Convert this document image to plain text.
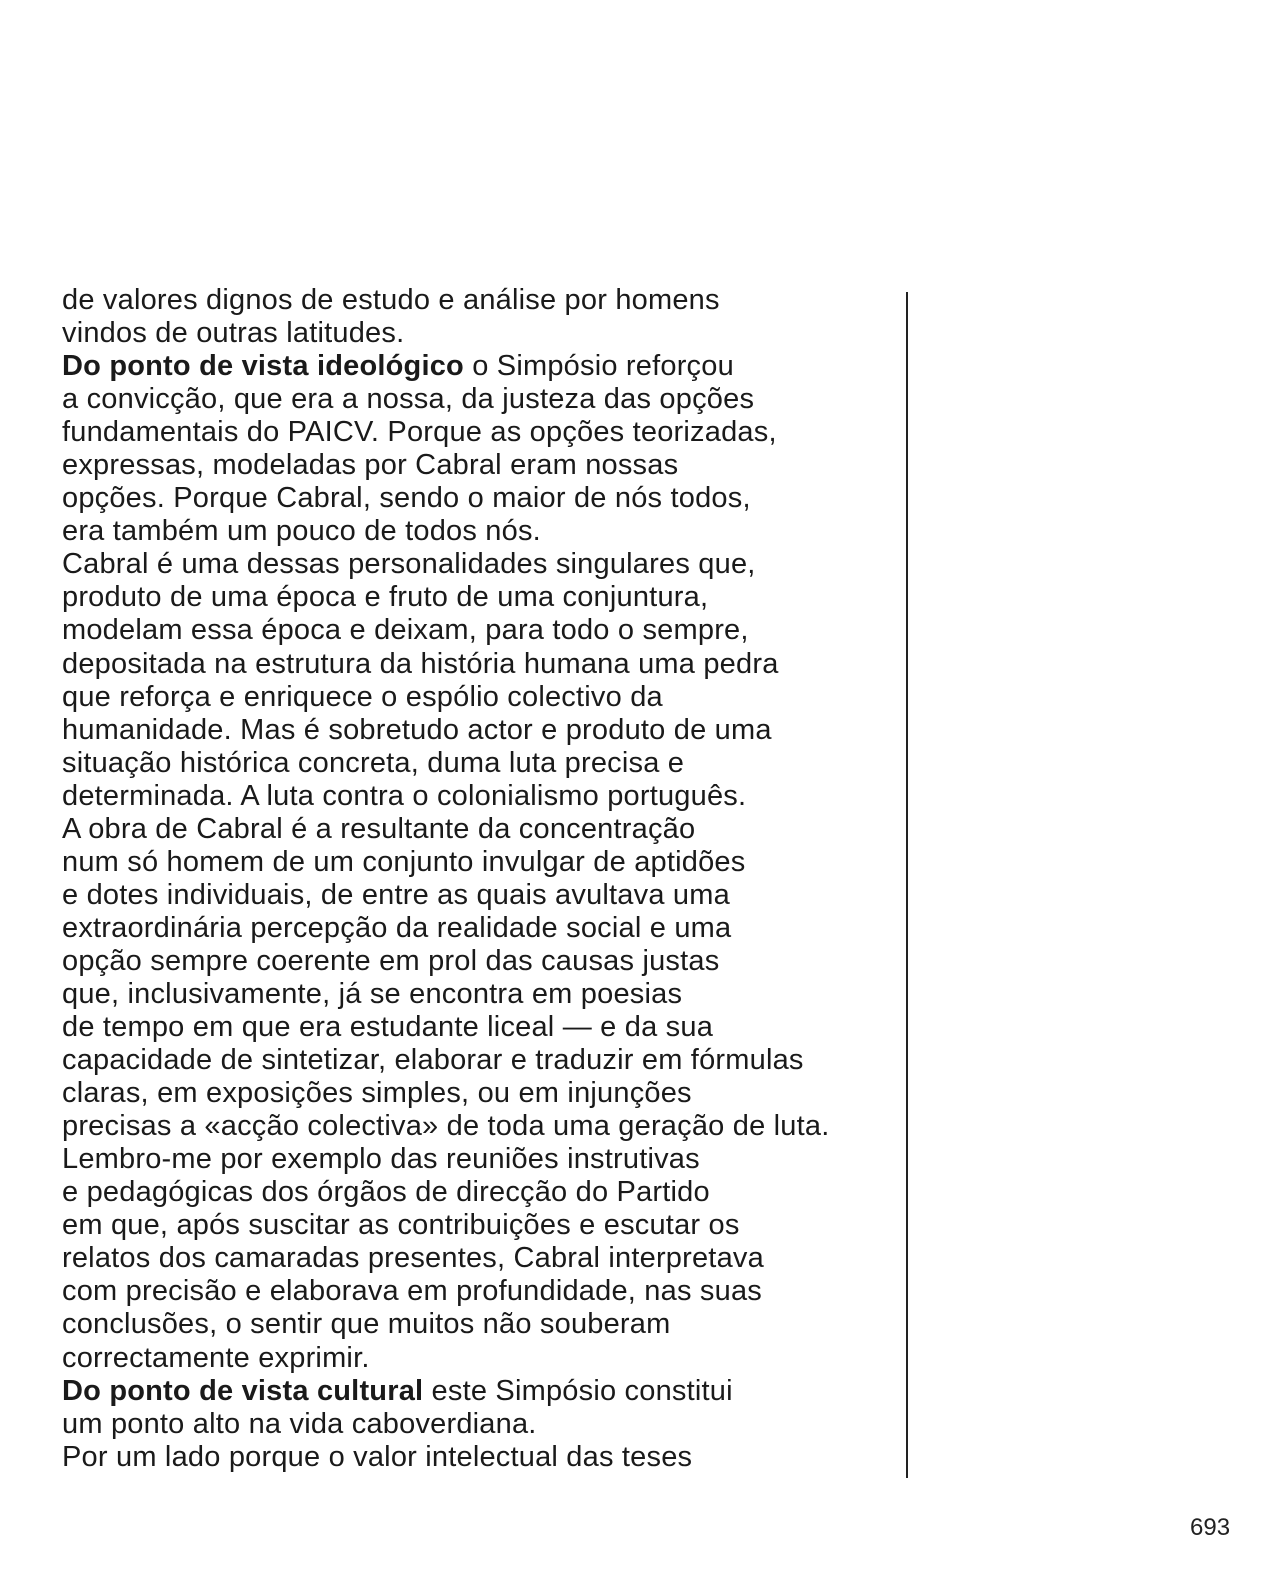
de valores dignos de estudo e análise por homens
vindos de outras latitudes.
Do ponto de vista ideológico o Simpósio reforçou
a convicção, que era a nossa, da justeza das opções
fundamentais do PAICV. Porque as opções teorizadas,
expressas, modeladas por Cabral eram nossas
opções. Porque Cabral, sendo o maior de nós todos,
era também um pouco de todos nós.
Cabral é uma dessas personalidades singulares que,
produto de uma época e fruto de uma conjuntura,
modelam essa época e deixam, para todo o sempre,
depositada na estrutura da história humana uma pedra
que reforça e enriquece o espólio colectivo da
humanidade. Mas é sobretudo actor e produto de uma
situação histórica concreta, duma luta precisa e
determinada. A luta contra o colonialismo português.
A obra de Cabral é a resultante da concentração
num só homem de um conjunto invulgar de aptidões
e dotes individuais, de entre as quais avultava uma
extraordinária percepção da realidade social e uma
opção sempre coerente em prol das causas justas
que, inclusivamente, já se encontra em poesias
de tempo em que era estudante liceal — e da sua
capacidade de sintetizar, elaborar e traduzir em fórmulas
claras, em exposições simples, ou em injunções
precisas a «acção colectiva» de toda uma geração de luta.
Lembro-me por exemplo das reuniões instrutivas
e pedagógicas dos órgãos de direcção do Partido
em que, após suscitar as contribuições e escutar os
relatos dos camaradas presentes, Cabral interpretava
com precisão e elaborava em profundidade, nas suas
conclusões, o sentir que muitos não souberam
correctamente exprimir.
Do ponto de vista cultural este Simpósio constitui
um ponto alto na vida caboverdiana.
Por um lado porque o valor intelectual das teses
693
